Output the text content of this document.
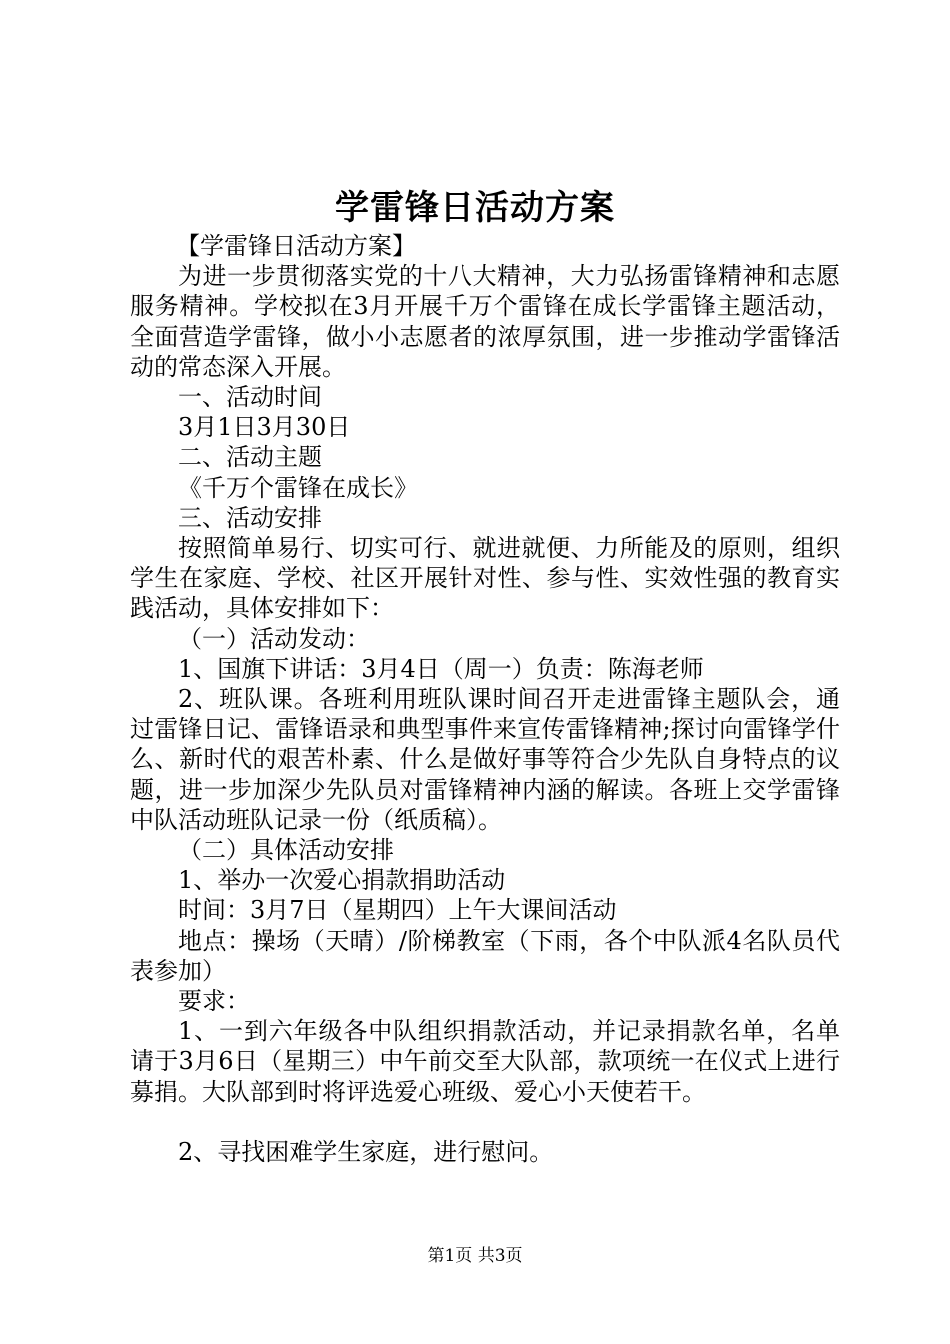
学雷锋日活动方案

【学雷锋日活动方案】

为进一步贯彻落实党的十八大精神，大力弘扬雷锋精神和志愿服务精神。学校拟在3月开展千万个雷锋在成长学雷锋主题活动，全面营造学雷锋，做小小志愿者的浓厚氛围，进一步推动学雷锋活动的常态深入开展。

一、活动时间

3月1日3月30日

二、活动主题

《千万个雷锋在成长》

三、活动安排

按照简单易行、切实可行、就进就便、力所能及的原则，组织学生在家庭、学校、社区开展针对性、参与性、实效性强的教育实践活动，具体安排如下：

（一）活动发动：

1、国旗下讲话：3月4日（周一）负责：陈海老师

2、班队课。各班利用班队课时间召开走进雷锋主题队会，通过雷锋日记、雷锋语录和典型事件来宣传雷锋精神;探讨向雷锋学什么、新时代的艰苦朴素、什么是做好事等符合少先队自身特点的议题，进一步加深少先队员对雷锋精神内涵的解读。各班上交学雷锋中队活动班队记录一份（纸质稿）。

（二）具体活动安排

1、举办一次爱心捐款捐助活动

时间：3月7日（星期四）上午大课间活动

地点：操场（天晴）/阶梯教室（下雨，各个中队派4名队员代表参加）

要求：

1、一到六年级各中队组织捐款活动，并记录捐款名单，名单请于3月6日（星期三）中午前交至大队部，款项统一在仪式上进行募捐。大队部到时将评选爱心班级、爱心小天使若干。

2、寻找困难学生家庭，进行慰问。

第1页 共3页
